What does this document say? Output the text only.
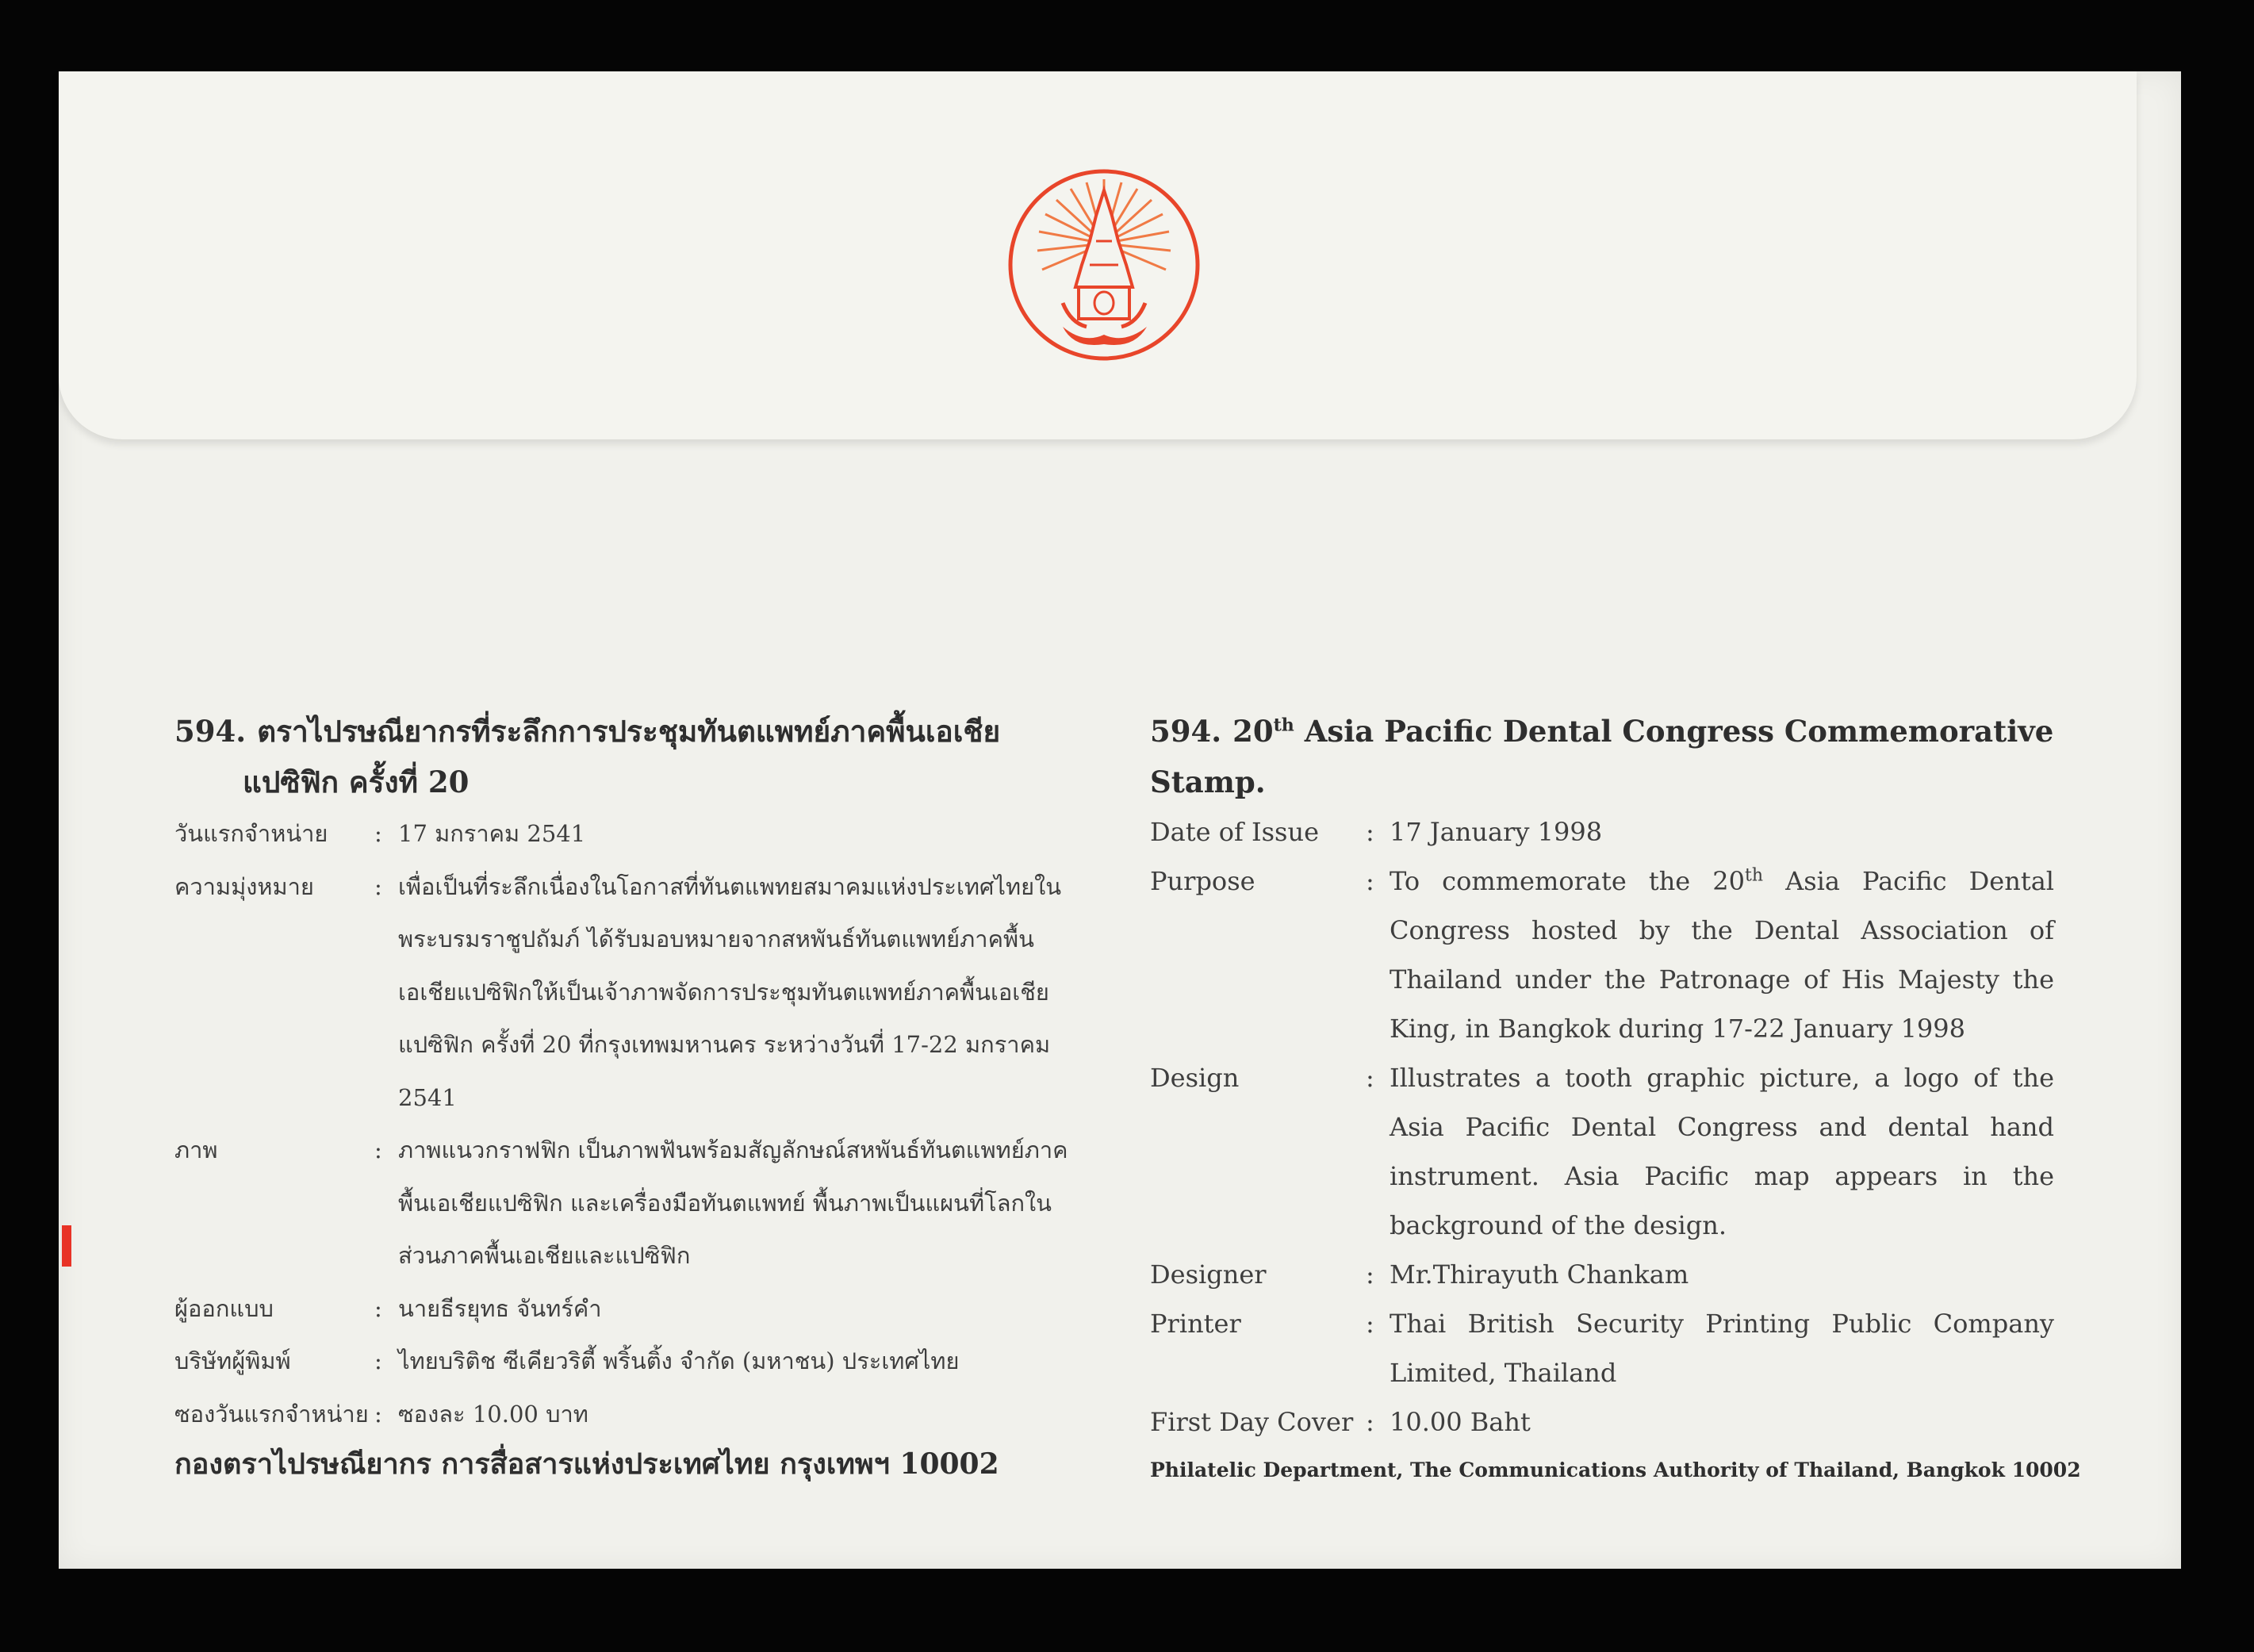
594. ตราไปรษณียากรที่ระลึกการประชุมทันตแพทย์ภาคพื้นเอเชีย
แปซิฟิก ครั้งที่ 20

วันแรกจำหน่าย	: 17 มกราคม 2541
ความมุ่งหมาย	: เพื่อเป็นที่ระลึกเนื่องในโอกาสที่ทันตแพทยสมาคมแห่งประเทศไทยใน
พระบรมราชูปถัมภ์ ได้รับมอบหมายจากสหพันธ์ทันตแพทย์ภาคพื้น
เอเชียแปซิฟิกให้เป็นเจ้าภาพจัดการประชุมทันตแพทย์ภาคพื้นเอเชีย
แปซิฟิก ครั้งที่ 20 ที่กรุงเทพมหานคร ระหว่างวันที่ 17-22 มกราคม 2541
ภาพ	: ภาพแนวกราฟฟิก เป็นภาพฟันพร้อมสัญลักษณ์สหพันธ์ทันตแพทย์ภาค
พื้นเอเชียแปซิฟิก และเครื่องมือทันตแพทย์ พื้นภาพเป็นแผนที่โลกใน
ส่วนภาคพื้นเอเชียและแปซิฟิก
ผู้ออกแบบ	: นายธีรยุทธ จันทร์คำ
บริษัทผู้พิมพ์	: ไทยบริติช ซีเคียวริตี้ พริ้นติ้ง จำกัด (มหาชน) ประเทศไทย
ซองวันแรกจำหน่าย : ซองละ 10.00 บาท
กองตราไปรษณียากร การสื่อสารแห่งประเทศไทย กรุงเทพฯ 10002

594. 20th Asia Pacific Dental Congress Commemorative Stamp.

Date of Issue	: 17 January 1998
Purpose	: To commemorate the 20th Asia Pacific Dental Congress hosted by the Dental Association of Thailand under the Patronage of His Majesty the King, in Bangkok during 17-22 January 1998
Design	: Illustrates a tooth graphic picture, a logo of the Asia Pacific Dental Congress and dental hand instrument. Asia Pacific map appears in the background of the design.
Designer	: Mr.Thirayuth Chankam
Printer	: Thai British Security Printing Public Company Limited, Thailand
First Day Cover : 10.00 Baht
Philatelic Department, The Communications Authority of Thailand, Bangkok 10002
